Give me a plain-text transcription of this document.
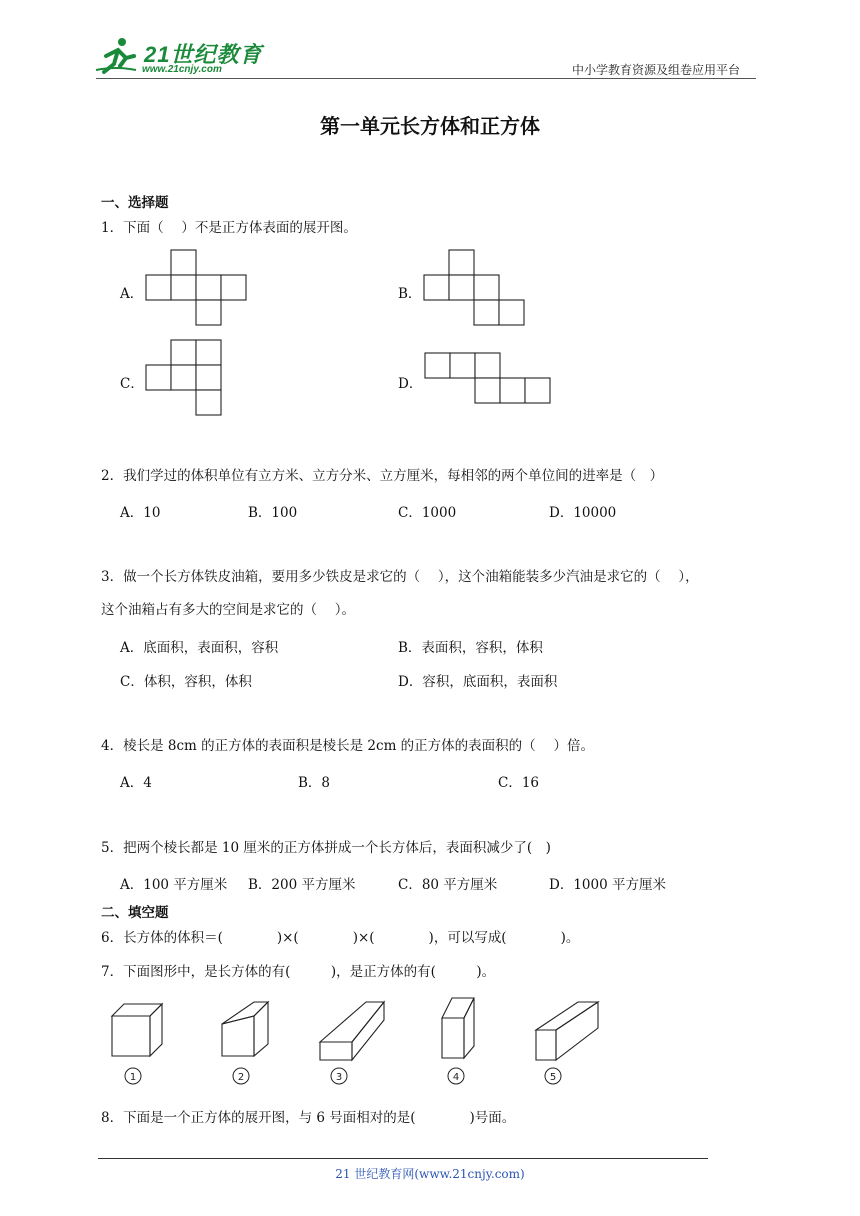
21世纪教育
www.21cnjy.com	中小学教育资源及组卷应用平台
第一单元长方体和正方体
一、选择题
1．下面（　 ）不是正方体表面的展开图。
A．	B．
C．	D．
2．我们学过的体积单位有立方米、立方分米、立方厘米，每相邻的两个单位间的进率是（　）
A．10	B．100	C．1000	D．10000
3．做一个长方体铁皮油箱，要用多少铁皮是求它的（　 ），这个油箱能装多少汽油是求它的（　 ），
这个油箱占有多大的空间是求它的（　 ）。
A．底面积，表面积，容积	B．表面积，容积，体积
C．体积，容积，体积	D．容积，底面积，表面积
4．棱长是 8cm 的正方体的表面积是棱长是 2cm 的正方体的表面积的（　 ）倍。
A．4	B．8	C．16
5．把两个棱长都是 10 厘米的正方体拼成一个长方体后，表面积减少了(　)
A．100 平方厘米 B．200 平方厘米	C．80 平方厘米	D．1000 平方厘米
二、填空题
6．长方体的体积＝(　　　　)×(　　　　)×(　　　　)，可以写成(　　　　)。
7．下面图形中，是长方体的有(　　　)，是正方体的有(　　　)。
1	2	3	4	5
8．下面是一个正方体的展开图，与 6 号面相对的是(　　　　)号面。
21 世纪教育网(www.21cnjy.com)
